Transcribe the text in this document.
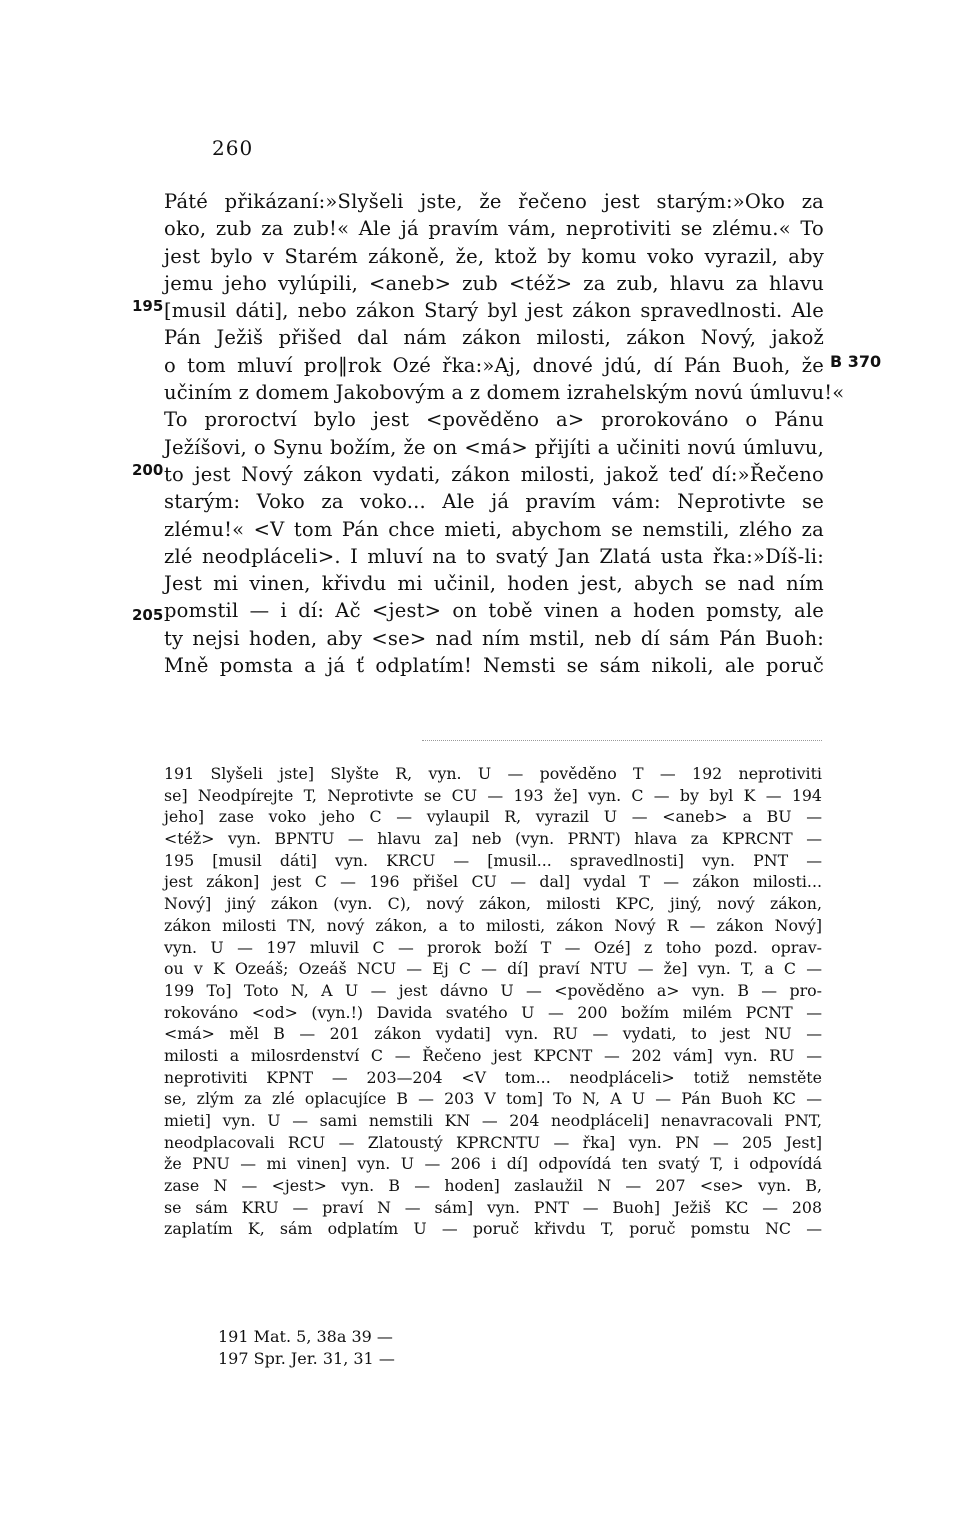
260
Páté přikázaní:»Slyšeli jste, že řečeno jest starým:»Oko za
oko, zub za zub!« Ale já pravím vám, neprotiviti se zlému.« To
jest bylo v Starém zákoně, že, ktož by komu voko vyrazil, aby
jemu jeho vylúpili, <aneb> zub <též> za zub, hlavu za hlavu
[musil dáti], nebo zákon Starý byl jest zákon spravedlnosti. Ale
Pán Ježiš přišed dal nám zákon milosti, zákon Nový, jakož
o tom mluví pro‖rok Ozé řka:»Aj, dnové jdú, dí Pán Buoh, že
učiním z domem Jakobovým a z domem izrahelským novú úmluvu!«
To proroctví bylo jest <pověděno a> prorokováno o Pánu
Ježíšovi, o Synu božím, že on <má> přijíti a učiniti novú úmluvu,
to jest Nový zákon vydati, zákon milosti, jakož teď dí:»Řečeno
starým: Voko za voko... Ale já pravím vám: Neprotivte se
zlému!« <V tom Pán chce mieti, abychom se nemstili, zlého za
zlé neodpláceli>. I mluví na to svatý Jan Zlatá usta řka:»Díš-li:
Jest mi vinen, křivdu mi učinil, hoden jest, abych se nad ním
pomstil — i dí: Ač <jest> on tobě vinen a hoden pomsty, ale
ty nejsi hoden, aby <se> nad ním mstil, neb dí sám Pán Buoh:
Mně pomsta a já ť odplatím! Nemsti se sám nikoli, ale poruč
195
200
205
B 370
191 Slyšeli jste] Slyšte R, vyn. U — pověděno T — 192 neprotiviti
se] Neodpírejte T, Neprotivte se CU — 193 že] vyn. C — by byl K — 194
jeho] zase voko jeho C — vylaupil R, vyrazil U — <aneb> a BU —
<též> vyn. BPNTU — hlavu za] neb (vyn. PRNT) hlava za KPRCNT —
195 [musil dáti] vyn. KRCU — [musil... spravedlnosti] vyn. PNT —
jest zákon] jest C — 196 přišel CU — dal] vydal T — zákon milosti...
Nový] jiný zákon (vyn. C), nový zákon, milosti KPC, jiný, nový zákon,
zákon milosti TN, nový zákon, a to milosti, zákon Nový R — zákon Nový]
vyn. U — 197 mluvil C — prorok boží T — Ozé] z toho pozd. oprav-
ou v K Ozeáš; Ozeáš NCU — Ej C — dí] praví NTU — že] vyn. T, a C —
199 To] Toto N, A U — jest dávno U — <pověděno a> vyn. B — pro-
rokováno <od> (vyn.!) Davida svatého U — 200 božím milém PCNT —
<má> měl B — 201 zákon vydati] vyn. RU — vydati, to jest NU —
milosti a milosrdenství C — Řečeno jest KPCNT — 202 vám] vyn. RU —
neprotiviti KPNT — 203—204 <V tom... neodpláceli> totiž nemstěte
se, zlým za zlé oplacujíce B — 203 V tom] To N, A U — Pán Buoh KC —
mieti] vyn. U — sami nemstili KN — 204 neodpláceli] nenavracovali PNT,
neodplacovali RCU — Zlatoustý KPRCNTU — řka] vyn. PN — 205 Jest]
že PNU — mi vinen] vyn. U — 206 i dí] odpovídá ten svatý T, i odpovídá
zase N — <jest> vyn. B — hoden] zaslaužil N — 207 <se> vyn. B,
se sám KRU — praví N — sám] vyn. PNT — Buoh] Ježiš KC — 208
zaplatím K, sám odplatím U — poruč křivdu T, poruč pomstu NC —
191 Mat. 5, 38a 39 —
197 Spr. Jer. 31, 31 —
